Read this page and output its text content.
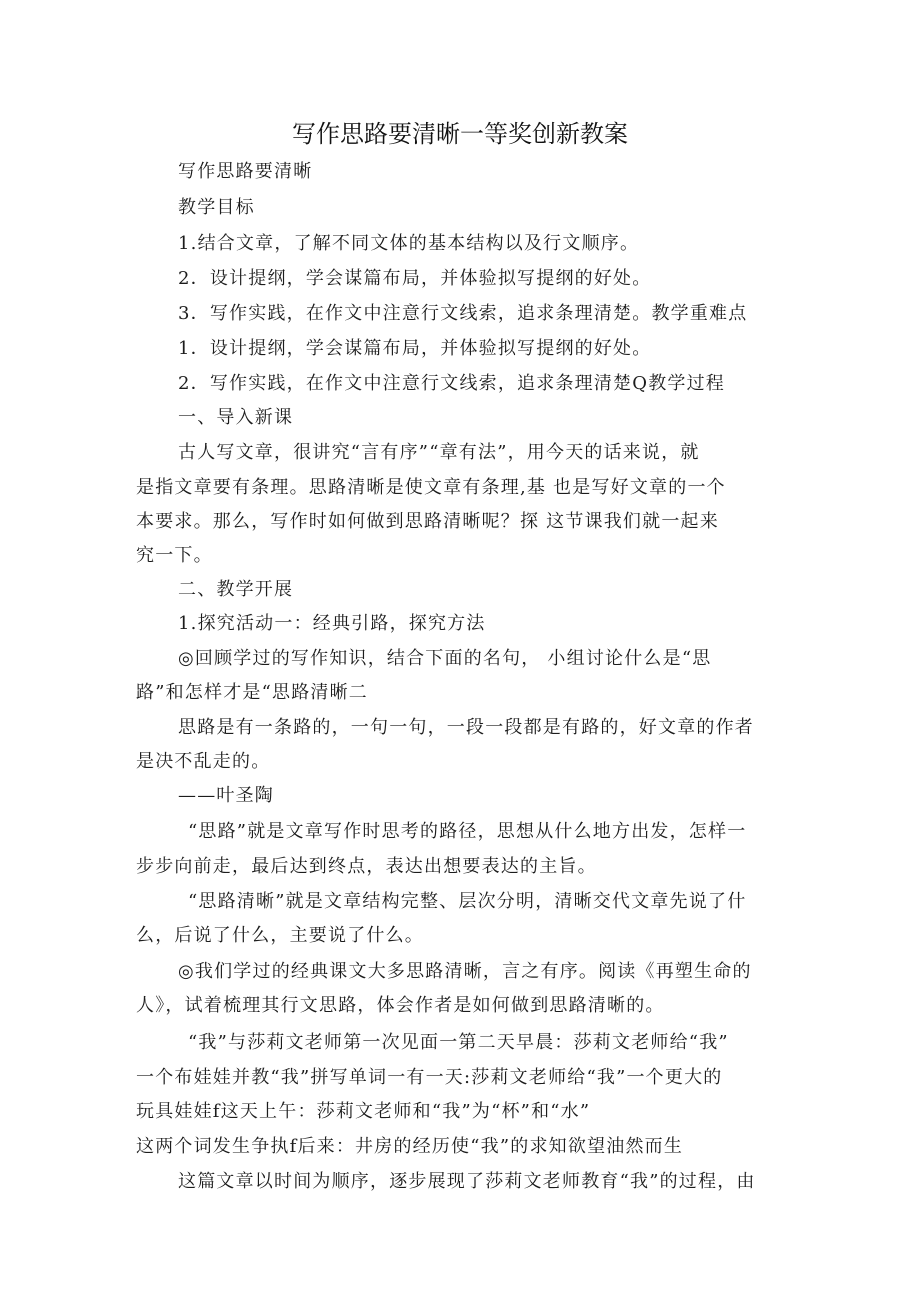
写作思路要清晰一等奖创新教案
写作思路要清晰
教学目标
1.结合文章，了解不同文体的基本结构以及行文顺序。
2．设计提纲，学会谋篇布局，并体验拟写提纲的好处。
3．写作实践，在作文中注意行文线索，追求条理清楚。教学重难点
1．设计提纲，学会谋篇布局，并体验拟写提纲的好处。
2．写作实践，在作文中注意行文线索，追求条理清楚Q教学过程
一、导入新课
古人写文章，很讲究“言有序”“章有法”，用今天的话来说，就
是指文章要有条理。思路清晰是使文章有条理,基 也是写好文章的一个
本要求。那么，写作时如何做到思路清晰呢？探 这节课我们就一起来
究一下。
二、教学开展
1.探究活动一：经典引路，探究方法
◎回顾学过的写作知识，结合下面的名句， 小组讨论什么是“思
路”和怎样才是“思路清晰二
思路是有一条路的，一句一句，一段一段都是有路的，好文章的作者
是决不乱走的。
——叶圣陶
“思路”就是文章写作时思考的路径，思想从什么地方出发，怎样一
步步向前走，最后达到终点，表达出想要表达的主旨。
“思路清晰”就是文章结构完整、层次分明，清晰交代文章先说了什
么，后说了什么，主要说了什么。
◎我们学过的经典课文大多思路清晰，言之有序。阅读《再塑生命的
人》，试着梳理其行文思路，体会作者是如何做到思路清晰的。
“我”与莎莉文老师第一次见面一第二天早晨：莎莉文老师给“我”
一个布娃娃并教“我”拼写单词一有一天:莎莉文老师给“我”一个更大的
玩具娃娃f这天上午：莎莉文老师和“我”为“杯”和“水”
这两个词发生争执f后来：井房的经历使“我”的求知欲望油然而生
这篇文章以时间为顺序，逐步展现了莎莉文老师教育“我”的过程，由
